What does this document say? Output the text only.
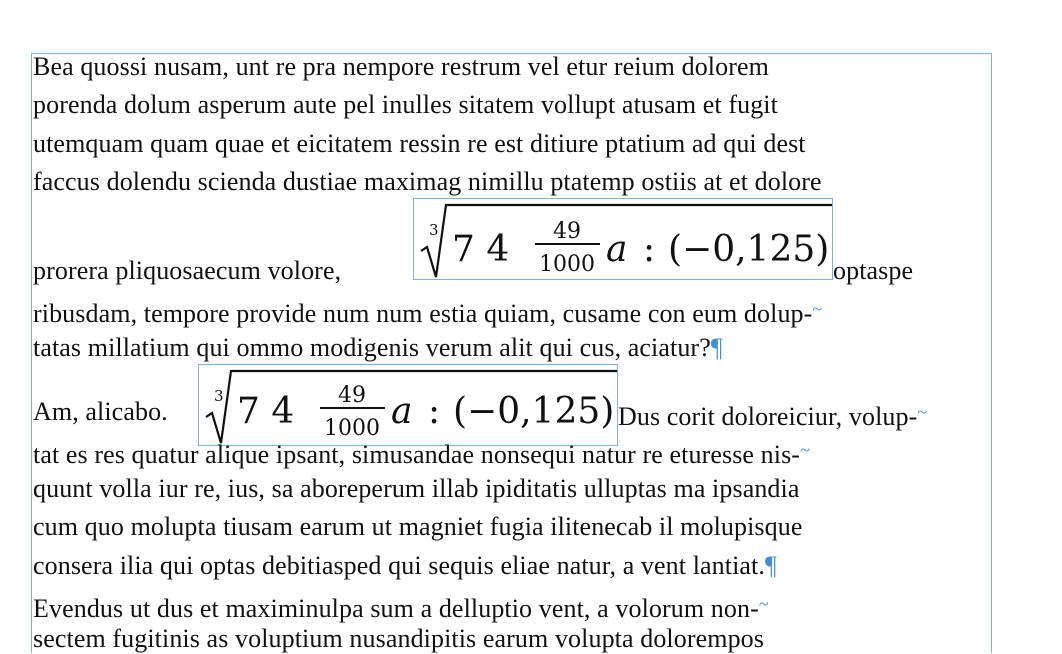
Bea quossi nusam, unt re pra nempore restrum vel etur reium dolorem
porenda dolum asperum aute pel inulles sitatem vollupt atusam et fugit
utemquam quam quae et eicitatem ressin re est ditiure ptatium ad qui dest
faccus dolendu scienda dustiae maximag nimillu ptatemp ostiis at et dolore
prorera pliquosaecum volore,
3 7 4 49
1000 a : (−0,125)
optaspe
ribusdam, tempore provide num num estia quiam, cusame con eum dolup-~
tatas millatium qui ommo modigenis verum alit qui cus, aciatur?¶
Am, alicabo.
3 7 4 49
1000 a : (−0,125) Dus corit doloreiciur, volup-~
tat es res quatur alique ipsant, simusandae nonsequi natur re eturesse nis-~
quunt volla iur re, ius, sa aboreperum illab ipiditatis ulluptas ma ipsandia
cum quo molupta tiusam earum ut magniet fugia ilitenecab il molupisque
consera ilia qui optas debitiasped qui sequis eliae natur, a vent lantiat.¶
Evendus ut dus et maximinulpa sum a delluptio vent, a volorum non-~
sectem fugitinis as voluptium nusandipitis earum volupta dolorempos
